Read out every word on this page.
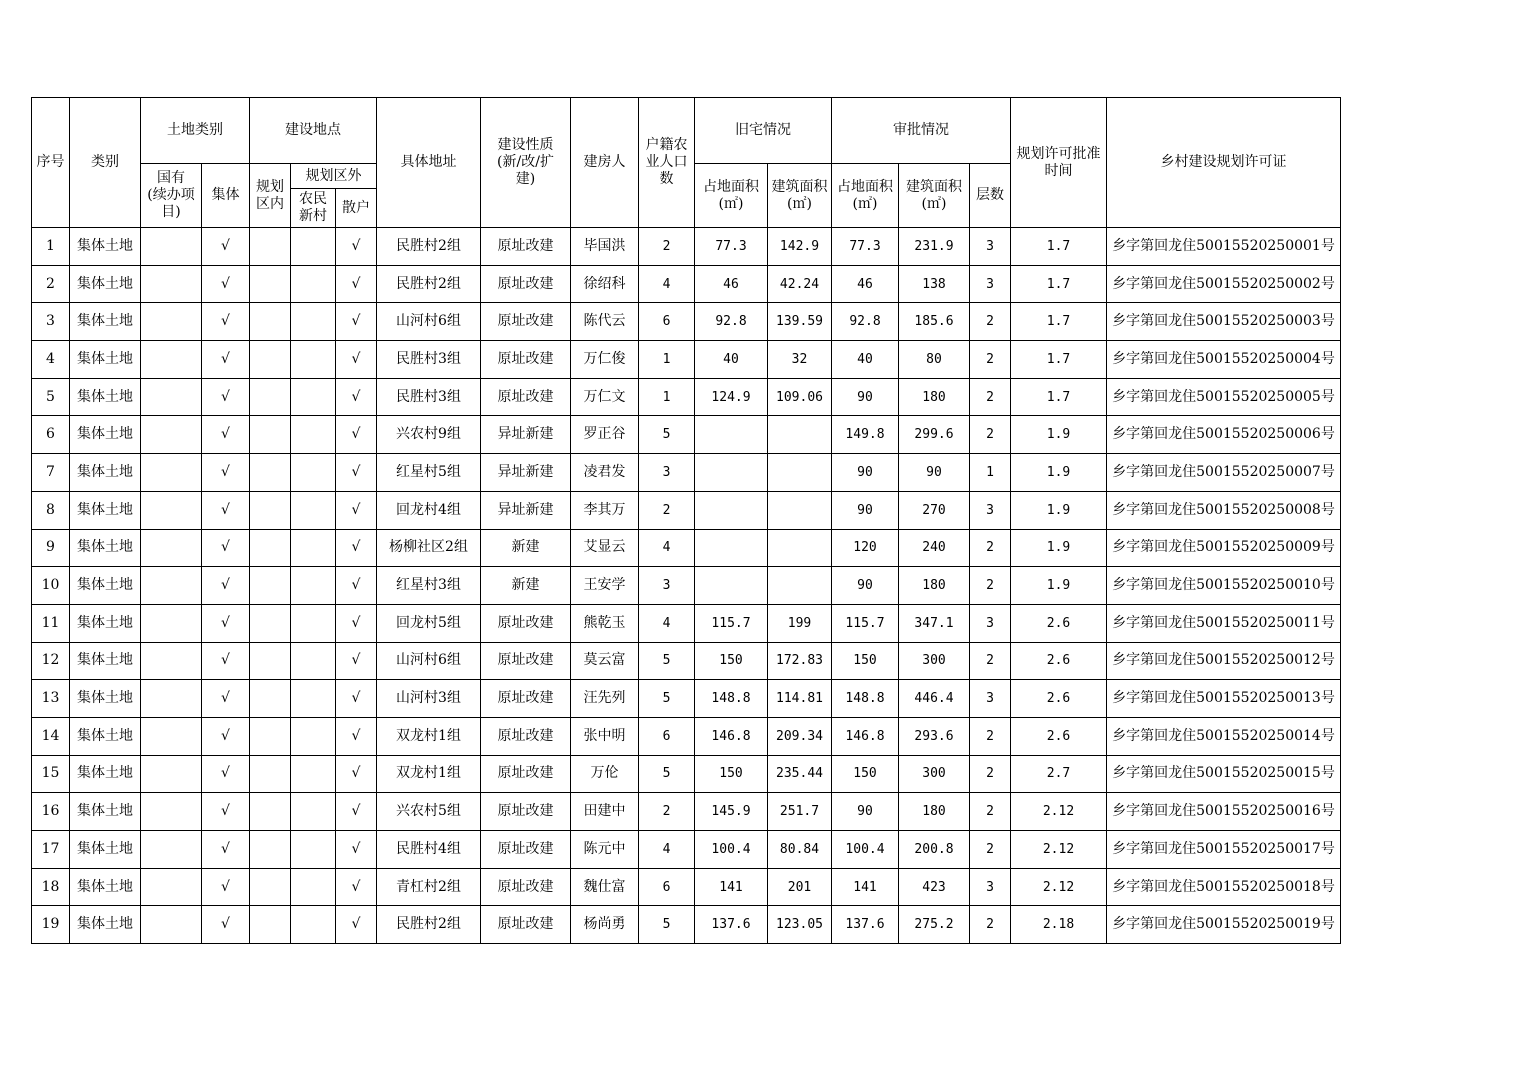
序号	类别	土地类别		建设地点			具体地址	建设性质
(新/改/扩
建)	建房人	户籍农
业人口
数	旧宅情况		审批情况			规划许可批准
时间	乡村建设规划许可证
		国有
(续办项
目)	集体	规划
区内	规划区外						占地面积
(㎡)	建筑面积
(㎡)	占地面积
(㎡)	建筑面积
(㎡)	层数		
					农民
新村	散户											
1	集体土地		√			√	民胜村2组	原址改建	毕国洪	2	77.3	142.9	77.3	231.9	3	1.7	乡字第回龙住50015520250001号
2	集体土地		√			√	民胜村2组	原址改建	徐绍科	4	46	42.24	46	138	3	1.7	乡字第回龙住50015520250002号
3	集体土地		√			√	山河村6组	原址改建	陈代云	6	92.8	139.59	92.8	185.6	2	1.7	乡字第回龙住50015520250003号
4	集体土地		√			√	民胜村3组	原址改建	万仁俊	1	40	32	40	80	2	1.7	乡字第回龙住50015520250004号
5	集体土地		√			√	民胜村3组	原址改建	万仁文	1	124.9	109.06	90	180	2	1.7	乡字第回龙住50015520250005号
6	集体土地		√			√	兴农村9组	异址新建	罗正谷	5			149.8	299.6	2	1.9	乡字第回龙住50015520250006号
7	集体土地		√			√	红星村5组	异址新建	凌君发	3			90	90	1	1.9	乡字第回龙住50015520250007号
8	集体土地		√			√	回龙村4组	异址新建	李其万	2			90	270	3	1.9	乡字第回龙住50015520250008号
9	集体土地		√			√	杨柳社区2组	新建	艾显云	4			120	240	2	1.9	乡字第回龙住50015520250009号
10	集体土地		√			√	红星村3组	新建	王安学	3			90	180	2	1.9	乡字第回龙住50015520250010号
11	集体土地		√			√	回龙村5组	原址改建	熊乾玉	4	115.7	199	115.7	347.1	3	2.6	乡字第回龙住50015520250011号
12	集体土地		√			√	山河村6组	原址改建	莫云富	5	150	172.83	150	300	2	2.6	乡字第回龙住50015520250012号
13	集体土地		√			√	山河村3组	原址改建	汪先列	5	148.8	114.81	148.8	446.4	3	2.6	乡字第回龙住50015520250013号
14	集体土地		√			√	双龙村1组	原址改建	张中明	6	146.8	209.34	146.8	293.6	2	2.6	乡字第回龙住50015520250014号
15	集体土地		√			√	双龙村1组	原址改建	万伦	5	150	235.44	150	300	2	2.7	乡字第回龙住50015520250015号
16	集体土地		√			√	兴农村5组	原址改建	田建中	2	145.9	251.7	90	180	2	2.12	乡字第回龙住50015520250016号
17	集体土地		√			√	民胜村4组	原址改建	陈元中	4	100.4	80.84	100.4	200.8	2	2.12	乡字第回龙住50015520250017号
18	集体土地		√			√	青杠村2组	原址改建	魏仕富	6	141	201	141	423	3	2.12	乡字第回龙住50015520250018号
19	集体土地		√			√	民胜村2组	原址改建	杨尚勇	5	137.6	123.05	137.6	275.2	2	2.18	乡字第回龙住50015520250019号
